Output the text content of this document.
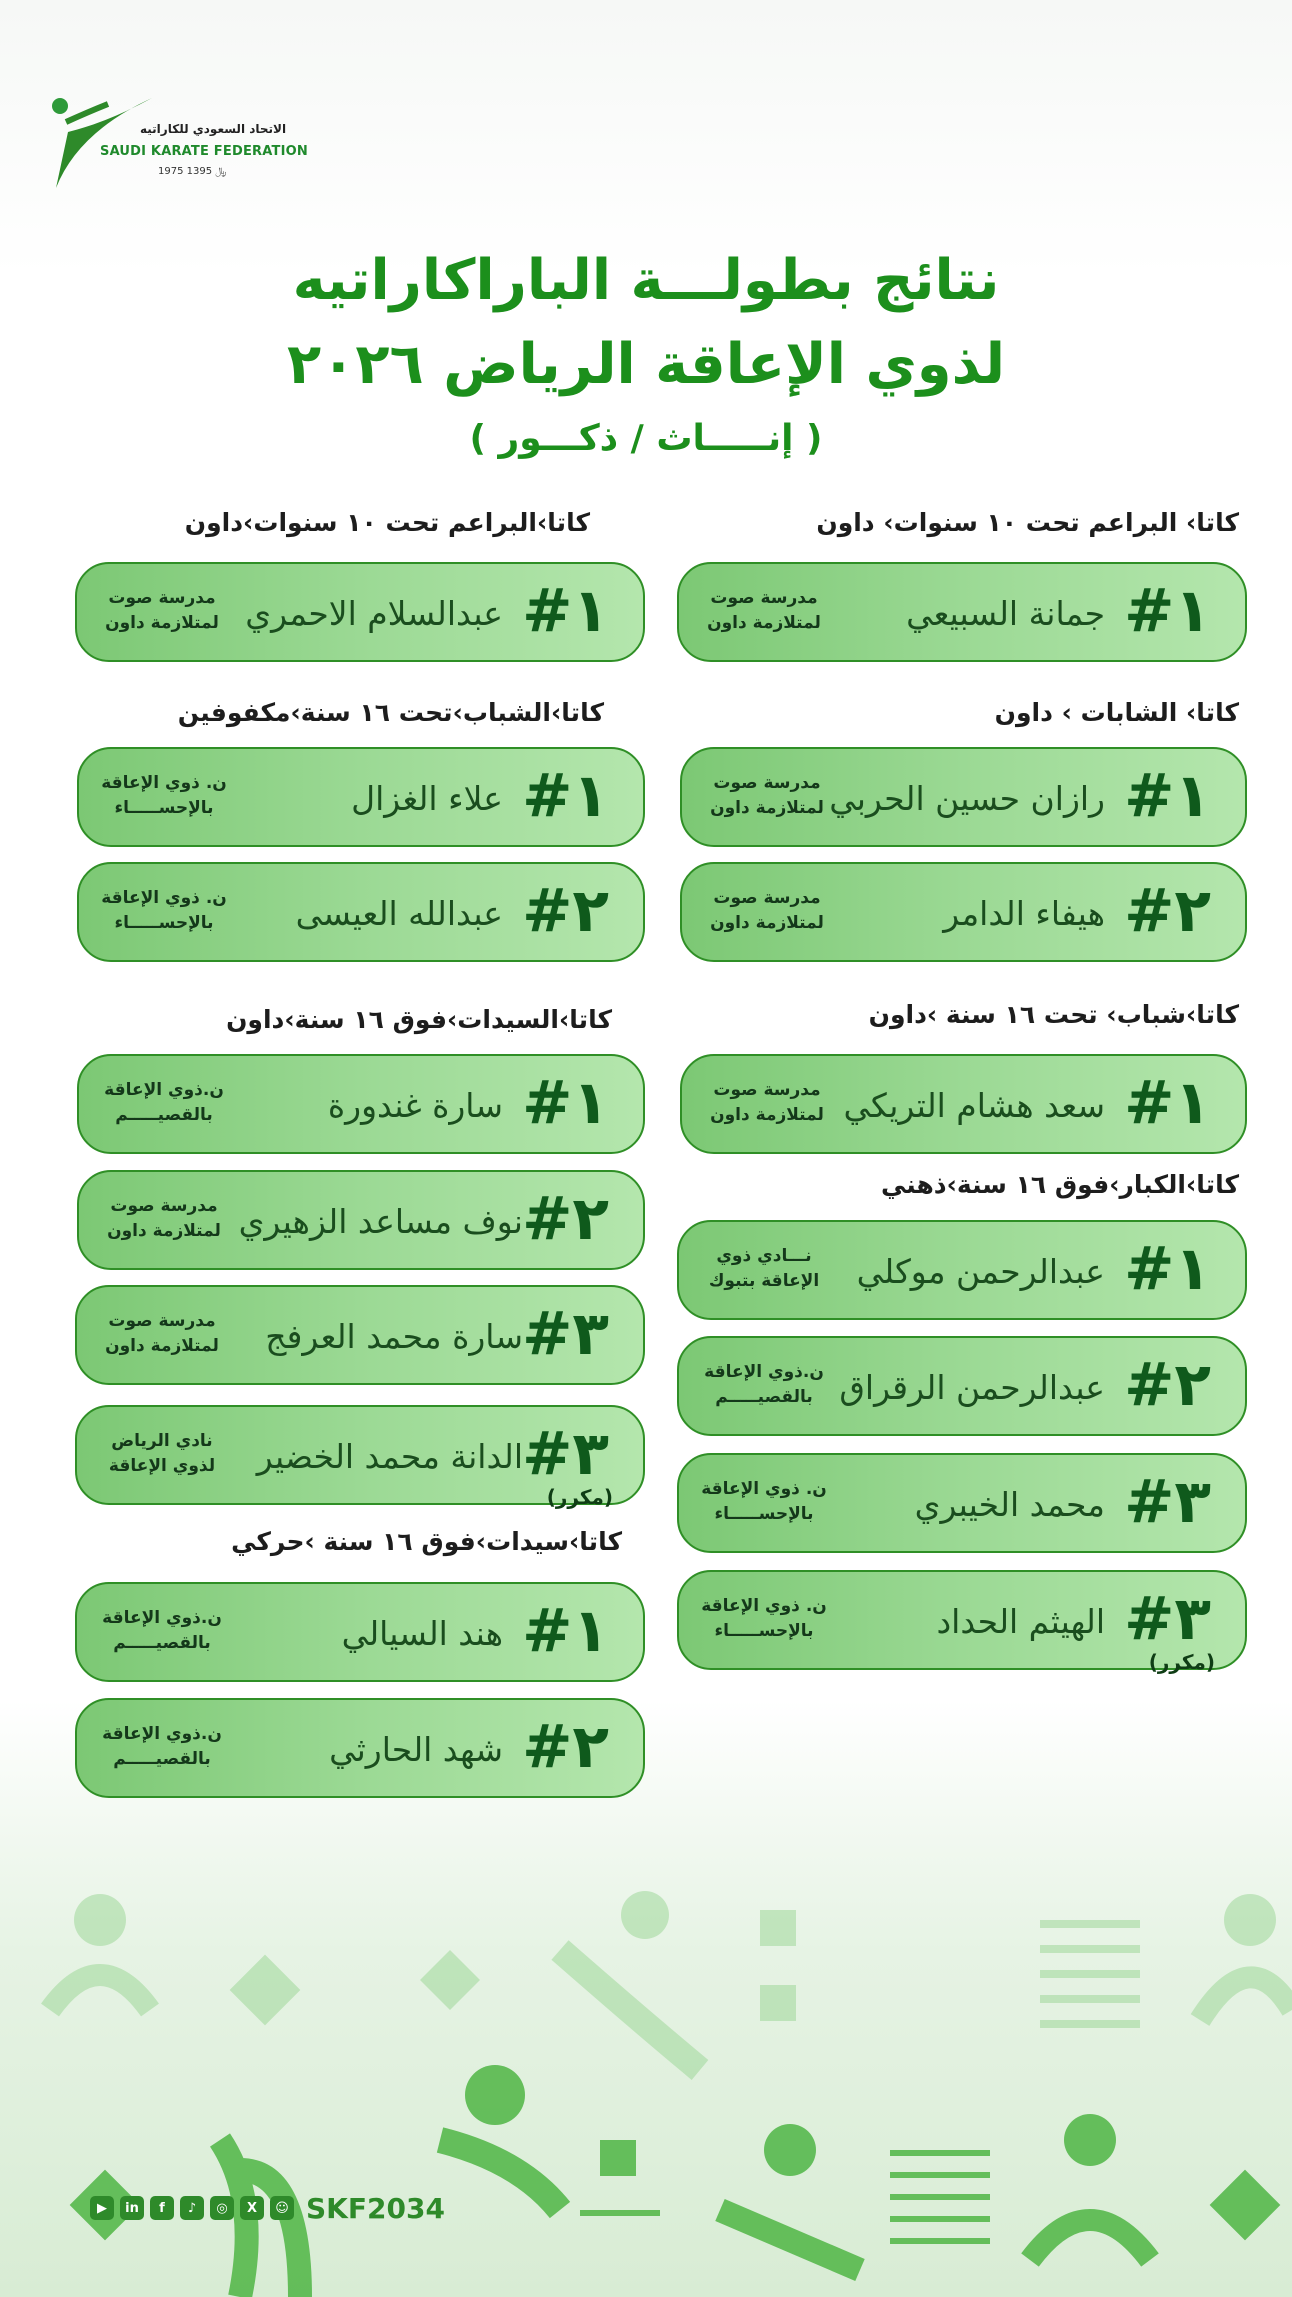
الاتحاد السعودي للكاراتيه
SAUDI KARATE FEDERATION
1975 ﷼ 1395
نتائج بطولـــة الباراكاراتيه
لذوي الإعاقة الرياض ٢٠٢٦
( إنـــــاث / ذكـــور )
كاتا› البراعم تحت ١٠ سنوات› داون
#١
جمانة السبيعي
مدرسة صوت
لمتلازمة داون
كاتا› الشابات › داون
#١
رازان حسين الحربي
مدرسة صوت
لمتلازمة داون
#٢
هيفاء الدامر
مدرسة صوت
لمتلازمة داون
كاتا›شباب› تحت ١٦ سنة ›داون
#١
سعد هشام التريكي
مدرسة صوت
لمتلازمة داون
كاتا›الكبار›فوق ١٦ سنة›ذهني
#١
عبدالرحمن موكلي
نـــادي ذوي
الإعاقة بتبوك
#٢
عبدالرحمن الرقراق
ن.ذوي الإعاقة
بالقصيـــــم
#٣
محمد الخيبري
ن. ذوي الإعاقة
بالإحســـــاء
#٣
(مكرر)
الهيثم الحداد
ن. ذوي الإعاقة
بالإحســـــاء
كاتا›البراعم تحت ١٠ سنوات›داون
#١
عبدالسلام الاحمري
مدرسة صوت
لمتلازمة داون
كاتا›الشباب›تحت ١٦ سنة›مكفوفين
#١
علاء الغزال
ن. ذوي الإعاقة
بالإحســـــاء
#٢
عبدالله العيسى
ن. ذوي الإعاقة
بالإحســـــاء
كاتا›السيدات›فوق ١٦ سنة›داون
#١
سارة غندورة
ن.ذوي الإعاقة
بالقصيـــــم
#٢
نوف مساعد الزهيري
مدرسة صوت
لمتلازمة داون
#٣
سارة محمد العرفج
مدرسة صوت
لمتلازمة داون
#٣
(مكرر)
الدانة محمد الخضير
نادي الرياض
لذوي الإعاقة
كاتا›سيدات›فوق ١٦ سنة ›حركي
#١
هند السيالي
ن.ذوي الإعاقة
بالقصيـــــم
#٢
شهد الحارثي
ن.ذوي الإعاقة
بالقصيـــــم
▶	in	f	♪	◎	X	☺ SKF2034
